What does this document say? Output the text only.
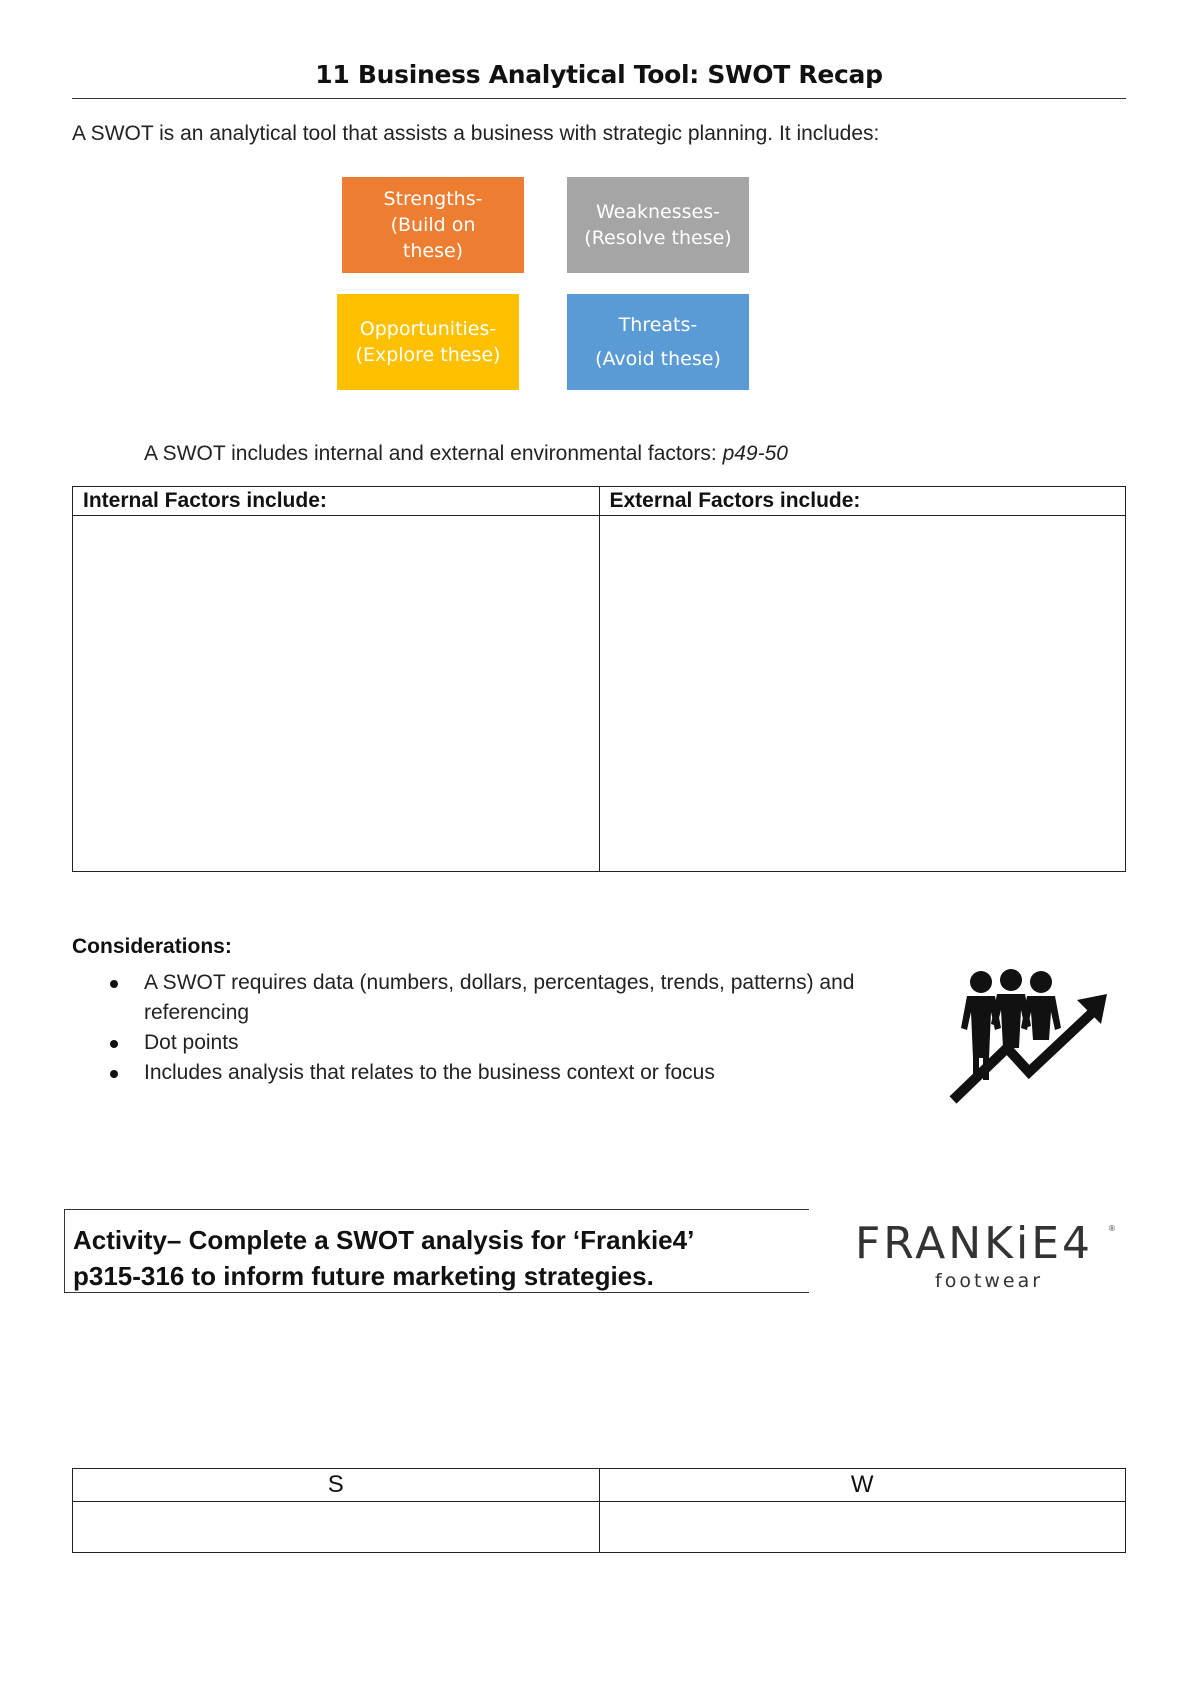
11 Business Analytical Tool: SWOT Recap
A SWOT is an analytical tool that assists a business with strategic planning. It includes:
Strengths-
(Build on
these)
Weaknesses-
(Resolve these)
Opportunities-
(Explore these)
Threats-
(Avoid these)
A SWOT includes internal and external environmental factors: p49-50
Internal Factors include:	External Factors include:

Considerations:
A SWOT requires data (numbers, dollars, percentages, trends, patterns) and referencing
Dot points
Includes analysis that relates to the business context or focus
Activity– Complete a SWOT analysis for ‘Frankie4’
p315-316 to inform future marketing strategies.
FRANKiE4 ®
footwear
S	W
